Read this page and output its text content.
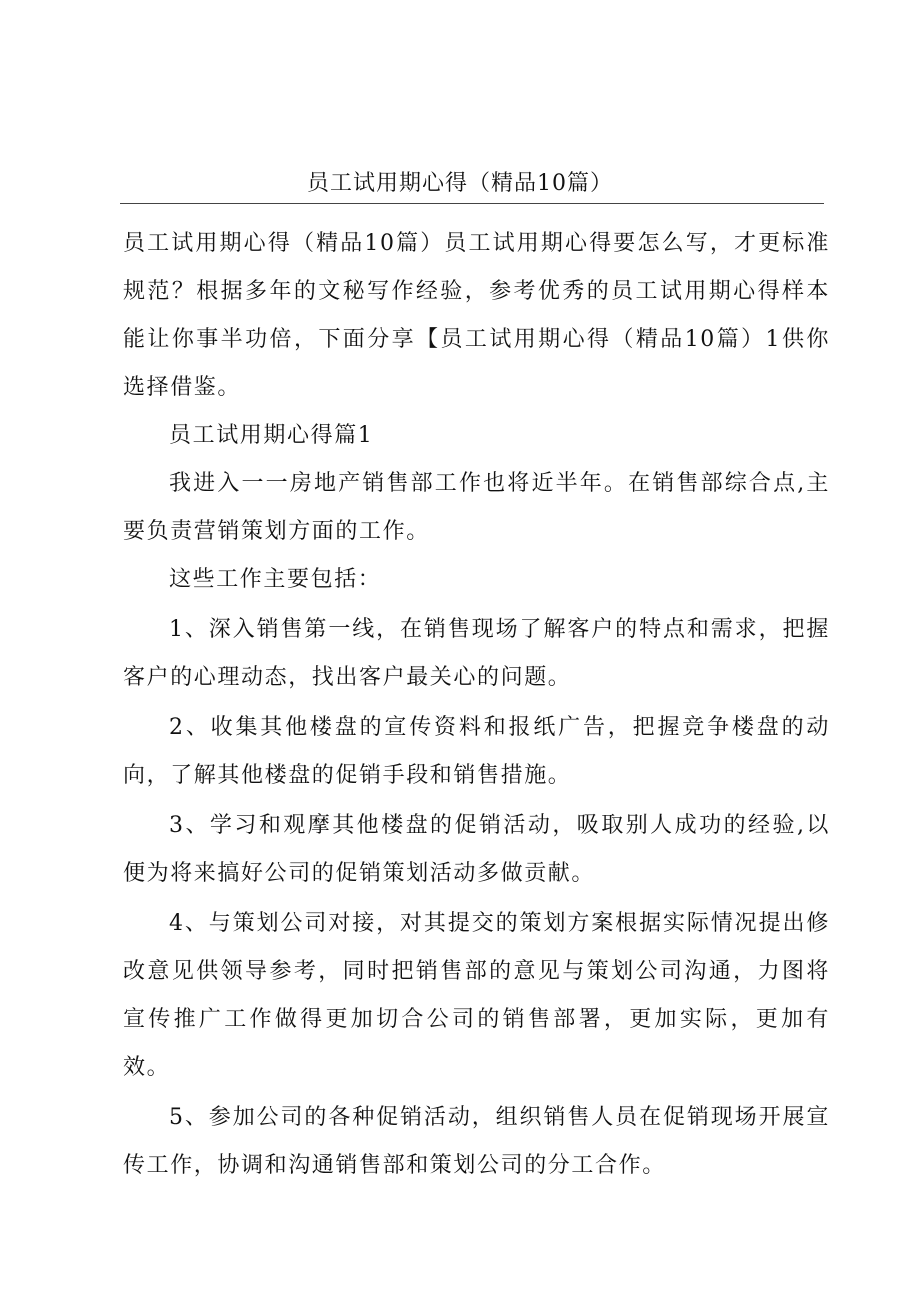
员工试用期心得（精品10篇）

员工试用期心得（精品10篇）员工试用期心得要怎么写，才更标准规范？根据多年的文秘写作经验，参考优秀的员工试用期心得样本能让你事半功倍，下面分享【员工试用期心得（精品10篇）1供你选择借鉴。

员工试用期心得篇1

我进入一一房地产销售部工作也将近半年。在销售部综合点,主要负责营销策划方面的工作。

这些工作主要包括：

1、深入销售第一线，在销售现场了解客户的特点和需求，把握客户的心理动态，找出客户最关心的问题。

2、收集其他楼盘的宣传资料和报纸广告，把握竞争楼盘的动向，了解其他楼盘的促销手段和销售措施。

3、学习和观摩其他楼盘的促销活动，吸取别人成功的经验,以便为将来搞好公司的促销策划活动多做贡献。

4、与策划公司对接，对其提交的策划方案根据实际情况提出修改意见供领导参考，同时把销售部的意见与策划公司沟通，力图将宣传推广工作做得更加切合公司的销售部署，更加实际，更加有效。

5、参加公司的各种促销活动，组织销售人员在促销现场开展宣传工作，协调和沟通销售部和策划公司的分工合作。
